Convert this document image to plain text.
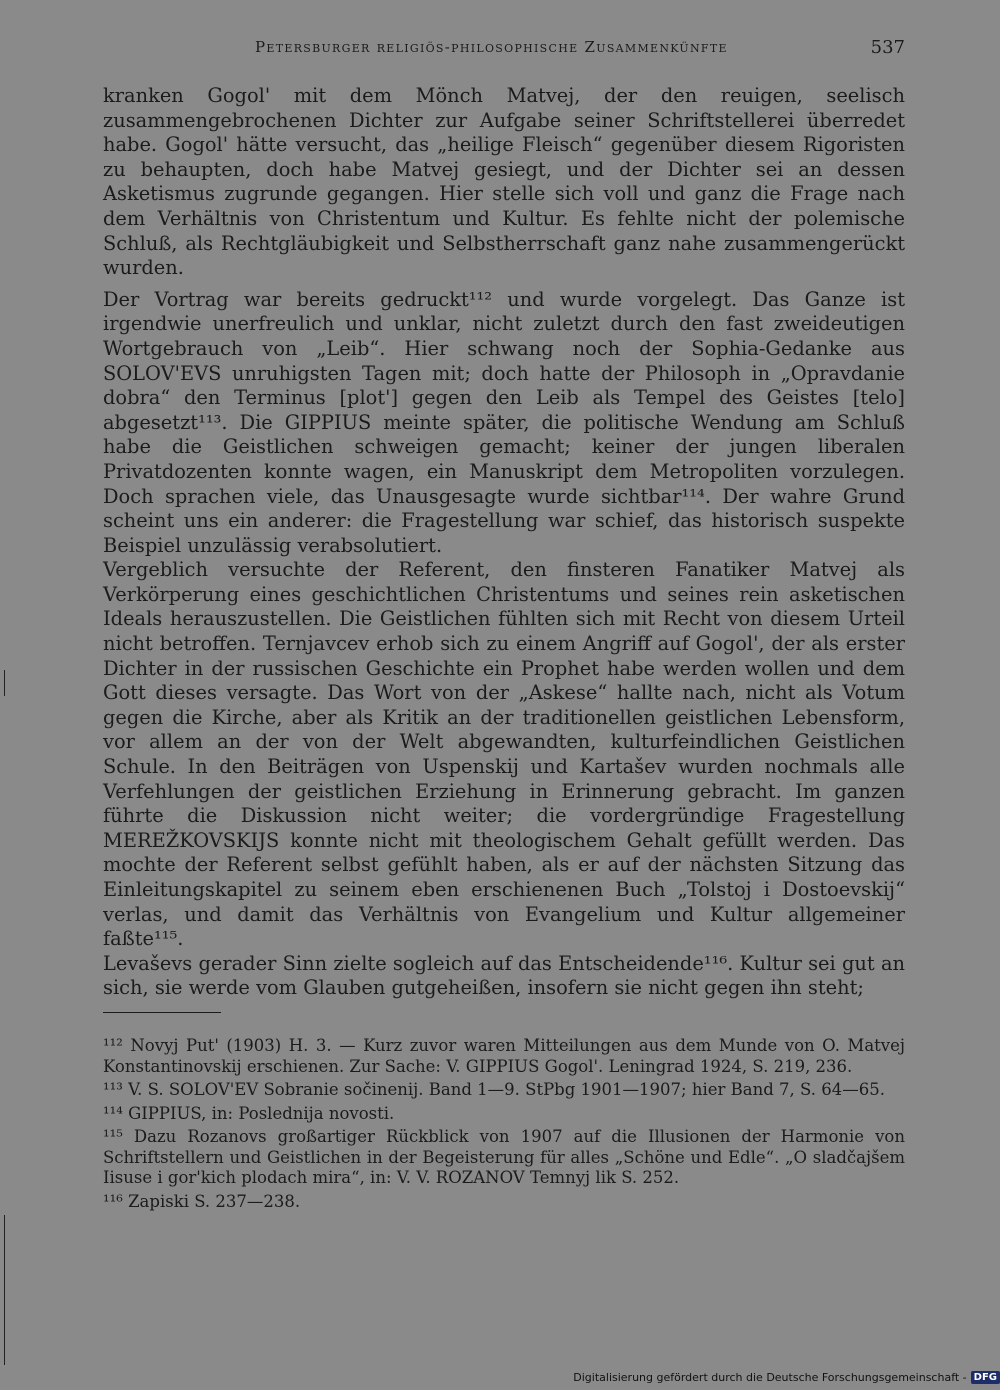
Petersburger religiös-philosophische Zusammenkünfte	537

kranken Gogol' mit dem Mönch Matvej, der den reuigen, seelisch zusammengebrochenen Dichter zur Aufgabe seiner Schriftstellerei überredet habe. Gogol' hätte versucht, das „heilige Fleisch“ gegenüber diesem Rigoristen zu behaupten, doch habe Matvej gesiegt, und der Dichter sei an dessen Asketismus zugrunde gegangen. Hier stelle sich voll und ganz die Frage nach dem Verhältnis von Christentum und Kultur. Es fehlte nicht der polemische Schluß, als Rechtgläubigkeit und Selbstherrschaft ganz nahe zusammengerückt wurden.

Der Vortrag war bereits gedruckt¹¹² und wurde vorgelegt. Das Ganze ist irgendwie unerfreulich und unklar, nicht zuletzt durch den fast zweideutigen Wortgebrauch von „Leib“. Hier schwang noch der Sophia-Gedanke aus SOLOV'EVS unruhigsten Tagen mit; doch hatte der Philosoph in „Opravdanie dobra“ den Terminus [plot'] gegen den Leib als Tempel des Geistes [telo] abgesetzt¹¹³. Die GIPPIUS meinte später, die politische Wendung am Schluß habe die Geistlichen schweigen gemacht; keiner der jungen liberalen Privatdozenten konnte wagen, ein Manuskript dem Metropoliten vorzulegen. Doch sprachen viele, das Unausgesagte wurde sichtbar¹¹⁴. Der wahre Grund scheint uns ein anderer: die Fragestellung war schief, das historisch suspekte Beispiel unzulässig verabsolutiert.

Vergeblich versuchte der Referent, den finsteren Fanatiker Matvej als Verkörperung eines geschichtlichen Christentums und seines rein asketischen Ideals herauszustellen. Die Geistlichen fühlten sich mit Recht von diesem Urteil nicht betroffen. Ternjavcev erhob sich zu einem Angriff auf Gogol', der als erster Dichter in der russischen Geschichte ein Prophet habe werden wollen und dem Gott dieses versagte. Das Wort von der „Askese“ hallte nach, nicht als Votum gegen die Kirche, aber als Kritik an der traditionellen geistlichen Lebensform, vor allem an der von der Welt abgewandten, kulturfeindlichen Geistlichen Schule. In den Beiträgen von Uspenskij und Kartašev wurden nochmals alle Verfehlungen der geistlichen Erziehung in Erinnerung gebracht. Im ganzen führte die Diskussion nicht weiter; die vordergründige Fragestellung MEREŽKOVSKIJS konnte nicht mit theologischem Gehalt gefüllt werden. Das mochte der Referent selbst gefühlt haben, als er auf der nächsten Sitzung das Einleitungskapitel zu seinem eben erschienenen Buch „Tolstoj i Dostoevskij“ verlas, und damit das Verhältnis von Evangelium und Kultur allgemeiner faßte¹¹⁵.

Levaševs gerader Sinn zielte sogleich auf das Entscheidende¹¹⁶. Kultur sei gut an sich, sie werde vom Glauben gutgeheißen, insofern sie nicht gegen ihn steht;

¹¹² Novyj Put' (1903) H. 3. — Kurz zuvor waren Mitteilungen aus dem Munde von O. Matvej Konstantinovskij erschienen. Zur Sache: V. GIPPIUS Gogol'. Leningrad 1924, S. 219, 236.

¹¹³ V. S. SOLOV'EV Sobranie sočinenij. Band 1—9. StPbg 1901—1907; hier Band 7, S. 64—65.

¹¹⁴ GIPPIUS, in: Poslednija novosti.

¹¹⁵ Dazu Rozanovs großartiger Rückblick von 1907 auf die Illusionen der Harmonie von Schriftstellern und Geistlichen in der Begeisterung für alles „Schöne und Edle“. „O sladčajšem Iisuse i gor'kich plodach mira“, in: V. V. ROZANOV Temnyj lik S. 252.

¹¹⁶ Zapiski S. 237—238.

Digitalisierung gefördert durch die Deutsche Forschungsgemeinschaft - DFG
